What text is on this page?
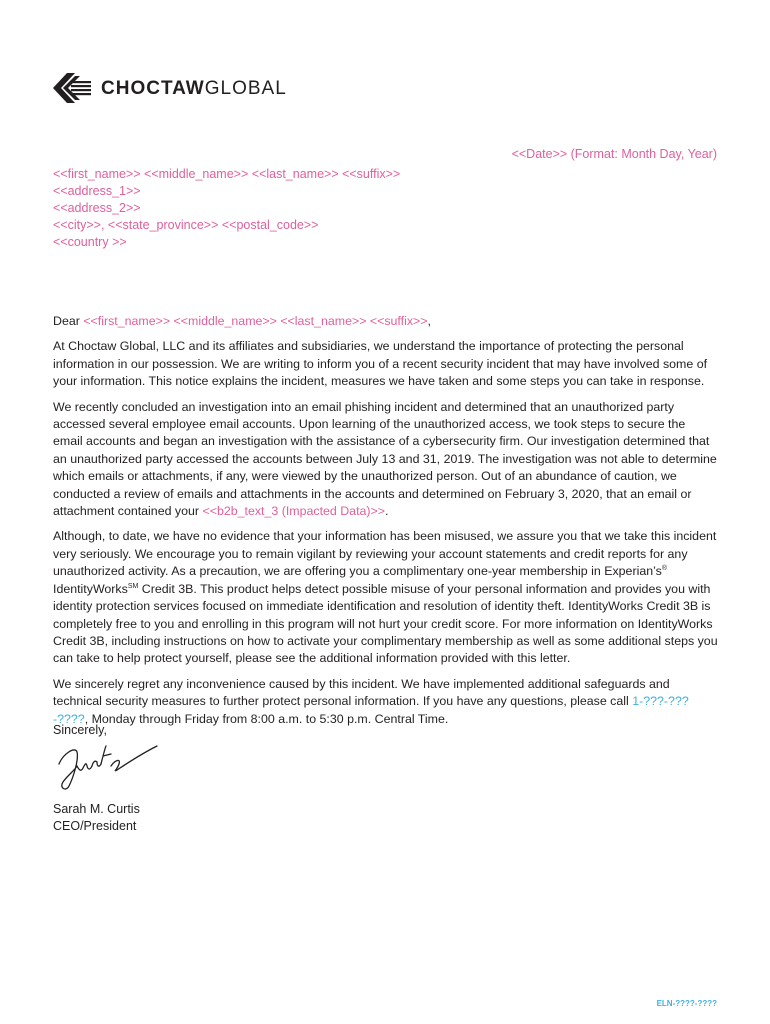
CHOCTAWGLOBAL
<<Date>> (Format: Month Day, Year)
<<first_name>> <<middle_name>> <<last_name>> <<suffix>>
<<address_1>>
<<address_2>>
<<city>>, <<state_province>> <<postal_code>>
<<country >>

Dear <<first_name>> <<middle_name>> <<last_name>> <<suffix>>,

At Choctaw Global, LLC and its affiliates and subsidiaries, we understand the importance of protecting the personal information in our possession. We are writing to inform you of a recent security incident that may have involved some of your information. This notice explains the incident, measures we have taken and some steps you can take in response.

We recently concluded an investigation into an email phishing incident and determined that an unauthorized party accessed several employee email accounts. Upon learning of the unauthorized access, we took steps to secure the email accounts and began an investigation with the assistance of a cybersecurity firm. Our investigation determined that an unauthorized party accessed the accounts between July 13 and 31, 2019. The investigation was not able to determine which emails or attachments, if any, were viewed by the unauthorized person. Out of an abundance of caution, we conducted a review of emails and attachments in the accounts and determined on February 3, 2020, that an email or attachment contained your <<b2b_text_3 (Impacted Data)>>.

Although, to date, we have no evidence that your information has been misused, we assure you that we take this incident very seriously. We encourage you to remain vigilant by reviewing your account statements and credit reports for any unauthorized activity. As a precaution, we are offering you a complimentary one-year membership in Experian’s® IdentityWorks℠ Credit 3B. This product helps detect possible misuse of your personal information and provides you with identity protection services focused on immediate identification and resolution of identity theft. IdentityWorks Credit 3B is completely free to you and enrolling in this program will not hurt your credit score. For more information on IdentityWorks Credit 3B, including instructions on how to activate your complimentary membership as well as some additional steps you can take to help protect yourself, please see the additional information provided with this letter.

We sincerely regret any inconvenience caused by this incident. We have implemented additional safeguards and technical security measures to further protect personal information. If you have any questions, please call 1-???-???-????, Monday through Friday from 8:00 a.m. to 5:30 p.m. Central Time.

Sincerely,
Sarah M. Curtis
CEO/President
ELN-????-????
